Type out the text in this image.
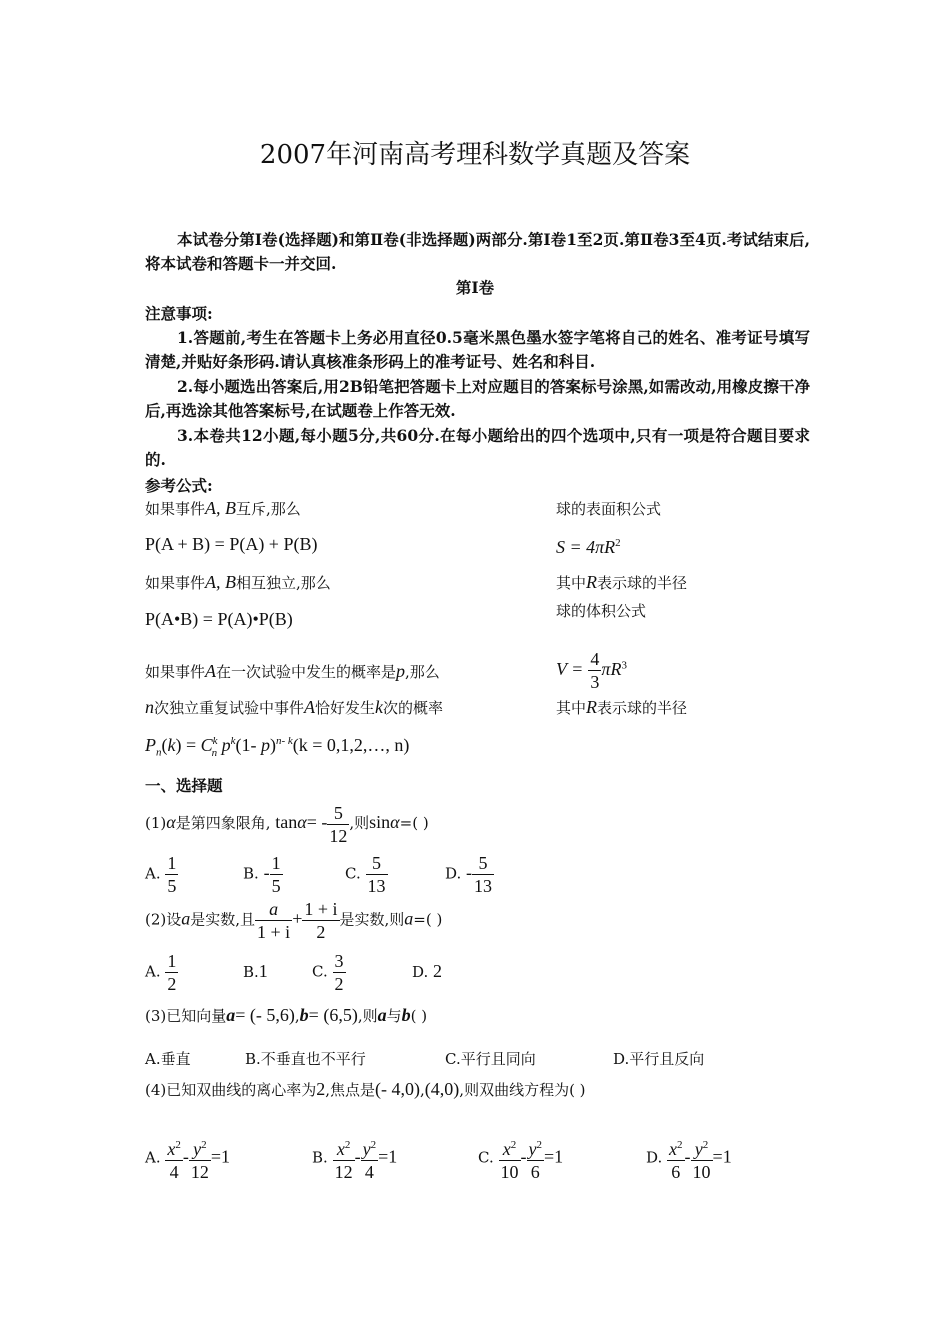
2007年河南高考理科数学真题及答案
本试卷分第Ⅰ卷(选择题)和第Ⅱ卷(非选择题)两部分.第Ⅰ卷1至2页.第Ⅱ卷3至4页.考试结束后,将本试卷和答题卡一并交回.
第Ⅰ卷
注意事项:
1.答题前,考生在答题卡上务必用直径0.5毫米黑色墨水签字笔将自己的姓名、准考证号填写清楚,并贴好条形码.请认真核准条形码上的准考证号、姓名和科目.
2.每小题选出答案后,用2B铅笔把答题卡上对应题目的答案标号涂黑,如需改动,用橡皮擦干净后,再选涂其他答案标号,在试题卷上作答无效.
3.本卷共12小题,每小题5分,共60分.在每小题给出的四个选项中,只有一项是符合题目要求的.
参考公式:
如果事件A, B互斥,那么
P(A + B) = P(A) + P(B)
如果事件A, B相互独立,那么
P(A•B) = P(A)•P(B)
如果事件A在一次试验中发生的概率是p,那么
n次独立重复试验中事件A恰好发生k次的概率
$P_n(k) = C^k_n$ $p^k(1-$ p)$^{n- k}$(k = 0,1,2,…, n)
球的表面积公式
$S = 4\pi R^2$
其中R表示球的半径
球的体积公式
$V = \frac{4}{3} \pi R^3$
其中R表示球的半径
一、选择题
(1)α是第四象限角, $\tan\alpha= - \frac{5}{12}$ ,则sinα=( )
A. $\frac{1}{5}$	B. - $\frac{1}{5}$	C. $\frac{5}{13}$	D. - $\frac{5}{13}$
(2)设a是实数,且 $\frac{a}{1 + i} + \frac{1 + i}{2}$ 是实数,则a=( )
A. $\frac{1}{2}$	B.1	C. $\frac{3}{2}$	D. 2
(3)已知向量a= (- 5,6),b= (6,5),则a与b( )
A.垂直	B.不垂直也不平行	C.平行且同向	D.平行且反向
(4)已知双曲线的离心率为2,焦点是(- 4,0),(4,0),则双曲线方程为( )
A. $\frac{x^2}{4} - \frac{y^2}{12} =1$	B. $\frac{x^2}{12} - \frac{y^2}{4} =1$	C. $\frac{x^2}{10} - \frac{y^2}{6} =1$	D. $\frac{x^2}{6} - \frac{y^2}{10} =1$
